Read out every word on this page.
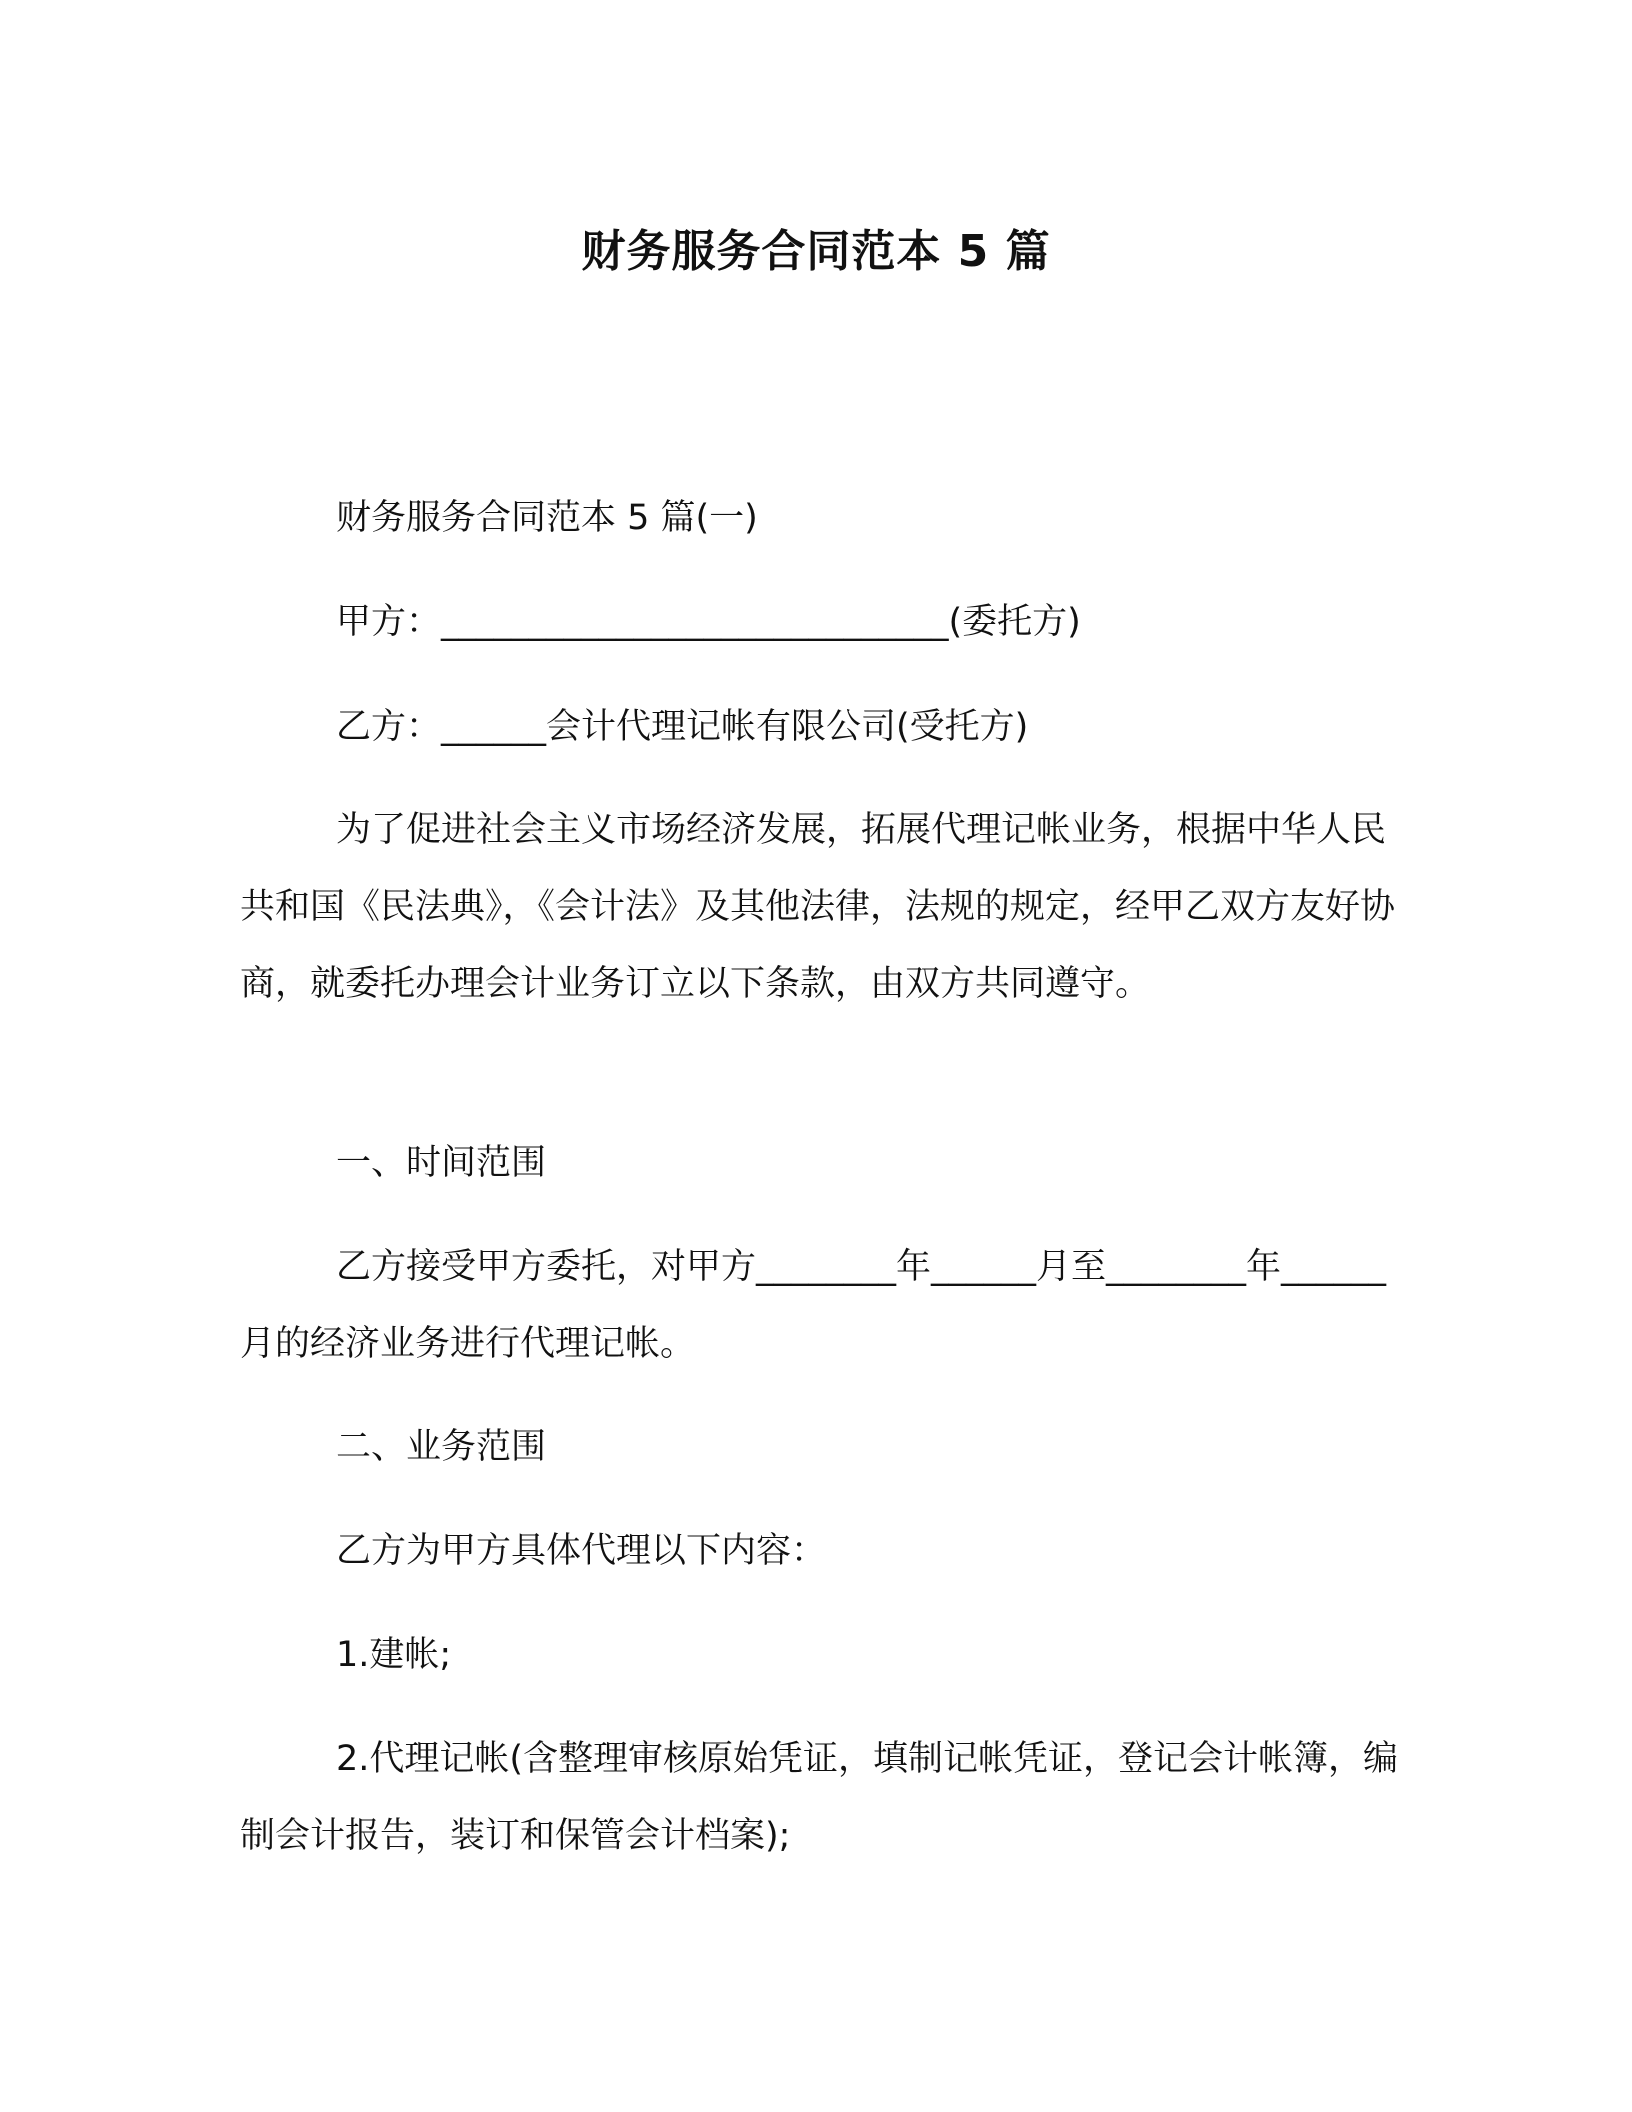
财务服务合同范本 5 篇
财务服务合同范本 5 篇(一)
甲方：_____________________________(委托方)
乙方：______会计代理记帐有限公司(受托方)
为了促进社会主义市场经济发展，拓展代理记帐业务，根据中华人民共和国《民法典》，《会计法》及其他法律，法规的规定，经甲乙双方友好协商，就委托办理会计业务订立以下条款，由双方共同遵守。
一、时间范围
乙方接受甲方委托，对甲方________年______月至________年______月的经济业务进行代理记帐。
二、业务范围
乙方为甲方具体代理以下内容：
1.建帐;
2.代理记帐(含整理审核原始凭证，填制记帐凭证，登记会计帐簿，编制会计报告，装订和保管会计档案);
